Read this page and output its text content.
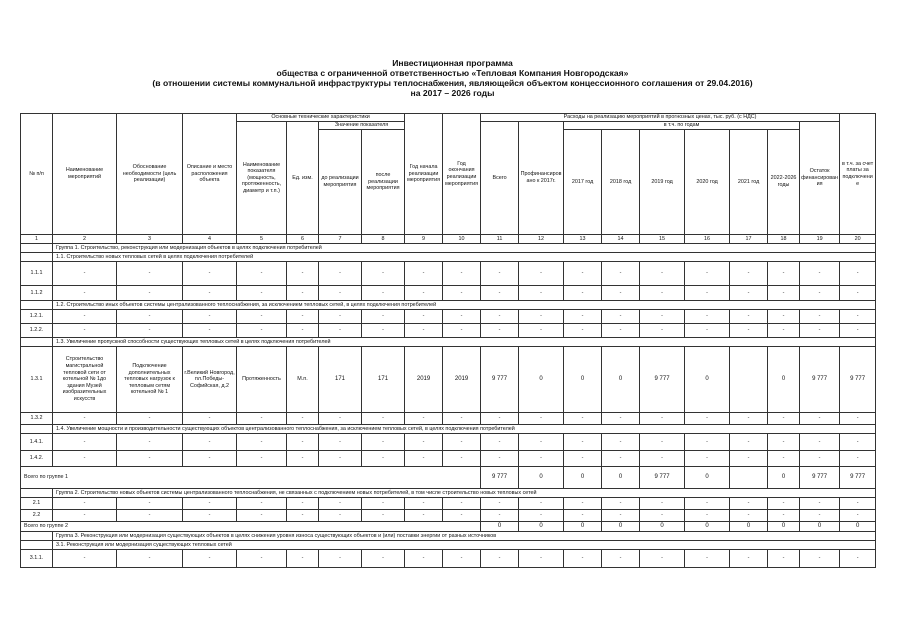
Инвестиционная программа
общества с ограниченной ответственностью «Тепловая Компания Новгородская»
(в отношении системы коммунальной инфраструктуры теплоснабжения, являющейся объектом концессионного соглашения от 29.04.2016)
на 2017 – 2026 годы
№ п/п	Наименование мероприятий	Обоснование необходимости (цель реализации)	Описание и место расположения объекта	Основные технические характеристики				Год начала реализации мероприятия	Год окончания реализации мероприятия	Расходы на реализацию мероприятий в прогнозных ценах, тыс. руб. (с НДС)									в т.ч. за счет платы за подключение
				Наименование показателя (мощность, протяженность, диаметр и т.п.)	Ед. изм.	Значение показателя				Всего	Профинансировано к 2017г.	в т.ч. по годам						Остаток финансирования	
						до реализации мероприятия	после реализации мероприятия					2017 год	2018 год	2019 год	2020 год	2021 год	2022-2026 годы		

1	2	3	4	5	6	7	8	9	10	11	12	13	14	15	16	17	18	19	20
	Группа 1. Строительство, реконструкция или модернизация объектов в целях подключения потребителей																		
	1.1. Строительство новых тепловых сетей в целях подключения потребителей																		
1.1.1	-	-	-	-	-	-	-	-	-	-	-	-	-	-	-	-	-	-	-
1.1.2	-	-	-	-	-	-	-	-	-	-	-	-	-	-	-	-	-	-	-
	1.2. Строительство иных объектов системы централизованного теплоснабжения, за исключением тепловых сетей, в целях подключения потребителей																		
1.2.1.	-	-	-	-	-	-	-	-	-	-	-	-	-	-	-	-	-	-	-
1.2.2.	-	-	-	-	-	-	-	-	-	-	-	-	-	-	-	-	-	-	-
	1.3. Увеличение пропускной способности существующих тепловых сетей в целях подключения потребителей																		
1.3.1	Строительство магистральной тепловой сети от котельной № 1до здания Музей изобразительных искусств	Подключение дополнительных тепловых нагрузок к тепловым сетям котельной № 1	г.Великий Новгород, пл.Победы-Софийская, д.2	Протяженность	М.п.	171	171	2019	2019	9 777	0	0	0	9 777	0		0	9 777	9 777
1.3.2	-	-	-	-	-	-	-	-	-	-	-	-	-	-	-	-	-	-	-
	1.4. Увеличение мощности и производительности существующих объектов централизованного теплоснабжения, за исключением тепловых сетей, в целях подключения потребителей																		
1.4.1.	-	-	-	-	-	-	-	-	-	-	-	-	-	-	-	-	-	-	-
1.4.2.	-	-	-	-	-	-	-	-	-	-	-	-	-	-	-	-	-	-	-
Всего по группе 1										9 777	0	0	0	9 777	0		0	9 777	9 777
	Группа 2. Строительство новых объектов системы централизованного теплоснабжения, не связанных с подключением новых потребителей, в том числе строительство новых тепловых сетей																		
2.1	-	-	-	-	-	-	-	-	-	-	-	-	-	-	-	-	-	-	-
2.2	-	-	-	-	-	-	-	-	-	-	-	-	-	-	-	-	-	-	-
Всего по группе 2										0	0	0	0	0	0	0	0	0	0
	Группа 3. Реконструкция или модернизация существующих объектов в целях снижения уровня износа существующих объектов и (или) поставки энергии от разных источников																		
	3.1. Реконструкция или модернизация существующих тепловых сетей																		
3.1.1.	-	-	-	-	-	-	-	-	-	-	-	-	-	-	-	-	-	-	-
